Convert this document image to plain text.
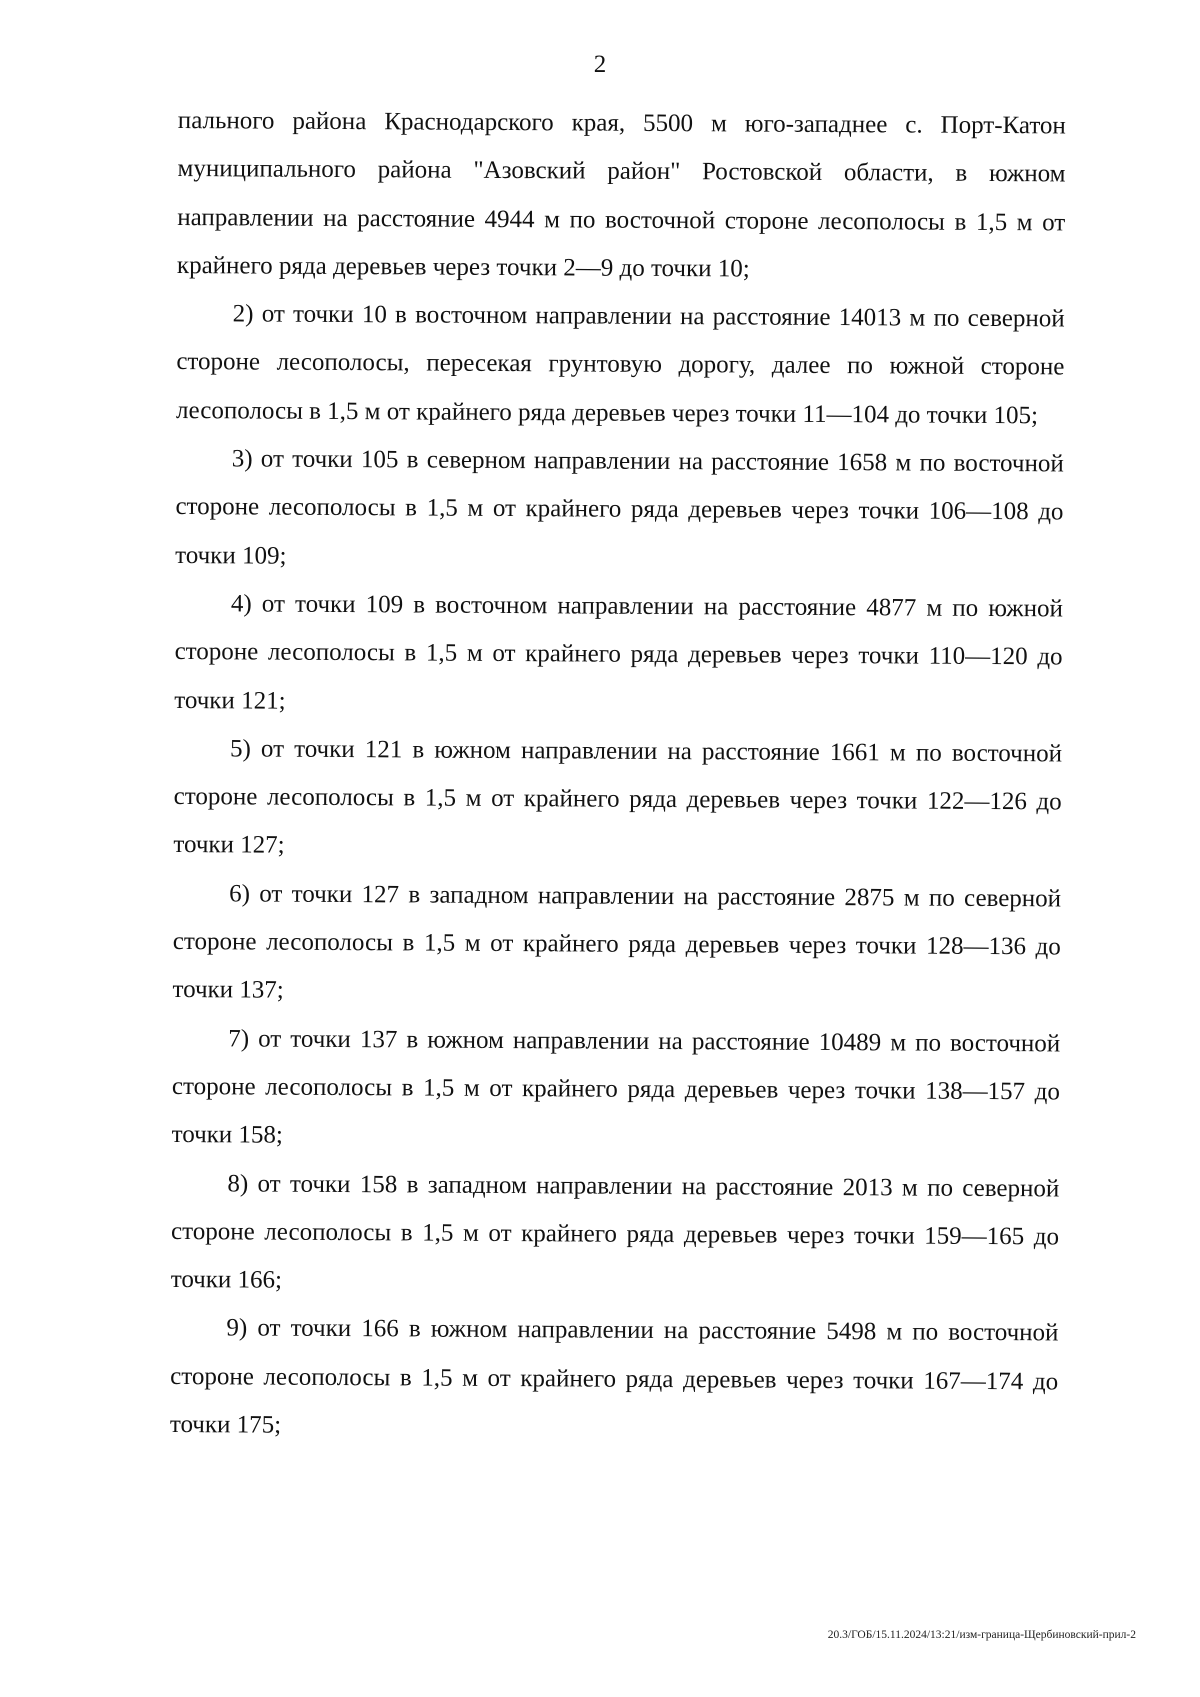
2

пального района Краснодарского края, 5500 м юго-западнее с. Порт-Катон муниципального района "Азовский район" Ростовской области, в южном направлении на расстояние 4944 м по восточной стороне лесополосы в 1,5 м от крайнего ряда деревьев через точки 2—9 до точки 10;

2) от точки 10 в восточном направлении на расстояние 14013 м по северной стороне лесополосы, пересекая грунтовую дорогу, далее по южной стороне лесополосы в 1,5 м от крайнего ряда деревьев через точки 11—104 до точки 105;

3) от точки 105 в северном направлении на расстояние 1658 м по восточной стороне лесополосы в 1,5 м от крайнего ряда деревьев через точки 106—108 до точки 109;

4) от точки 109 в восточном направлении на расстояние 4877 м по южной стороне лесополосы в 1,5 м от крайнего ряда деревьев через точки 110—120 до точки 121;

5) от точки 121 в южном направлении на расстояние 1661 м по восточной стороне лесополосы в 1,5 м от крайнего ряда деревьев через точки 122—126 до точки 127;

6) от точки 127 в западном направлении на расстояние 2875 м по северной стороне лесополосы в 1,5 м от крайнего ряда деревьев через точки 128—136 до точки 137;

7) от точки 137 в южном направлении на расстояние 10489 м по восточной стороне лесополосы в 1,5 м от крайнего ряда деревьев через точки 138—157 до точки 158;

8) от точки 158 в западном направлении на расстояние 2013 м по северной стороне лесополосы в 1,5 м от крайнего ряда деревьев через точки 159—165 до точки 166;

9) от точки 166 в южном направлении на расстояние 5498 м по восточной стороне лесополосы в 1,5 м от крайнего ряда деревьев через точки 167—174 до точки 175;

20.3/ГОБ/15.11.2024/13:21/изм-граница-Щербиновский-прил-2
